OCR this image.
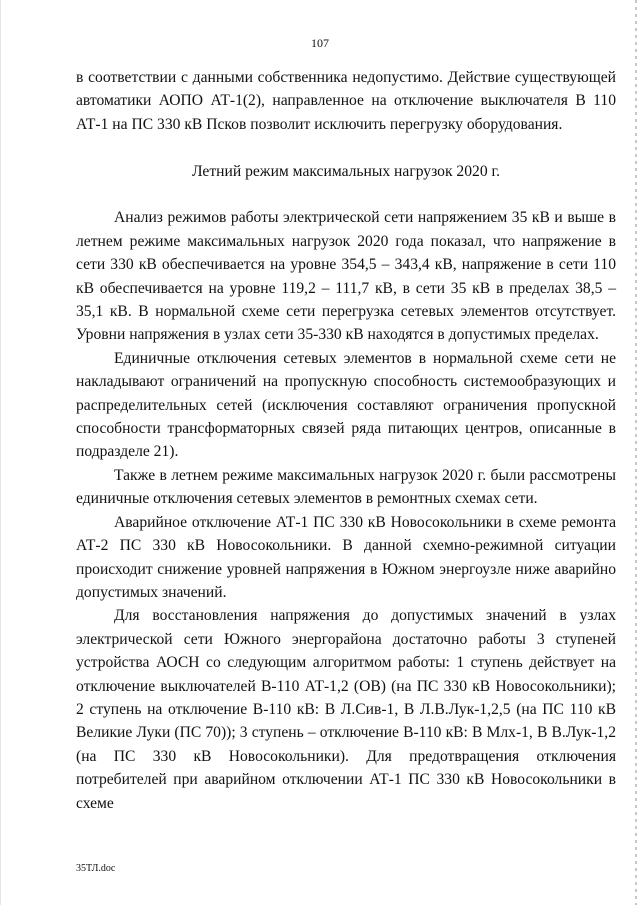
107

в соответствии с данными собственника недопустимо. Действие существующей автоматики АОПО АТ-1(2), направленное на отключение выключателя В 110 АТ-1 на ПС 330 кВ Псков позволит исключить перегрузку оборудования.

Летний режим максимальных нагрузок 2020 г.

Анализ режимов работы электрической сети напряжением 35 кВ и выше в летнем режиме максимальных нагрузок 2020 года показал, что напряжение в сети 330 кВ обеспечивается на уровне 354,5 – 343,4 кВ, напряжение в сети 110 кВ обеспечивается на уровне 119,2 – 111,7 кВ, в сети 35 кВ в пределах 38,5 – 35,1 кВ. В нормальной схеме сети перегрузка сетевых элементов отсутствует. Уровни напряжения в узлах сети 35-330 кВ находятся в допустимых пределах.

Единичные отключения сетевых элементов в нормальной схеме сети не накладывают ограничений на пропускную способность системообразующих и распределительных сетей (исключения составляют ограничения пропускной способности трансформаторных связей ряда питающих центров, описанные в подразделе 21).

Также в летнем режиме максимальных нагрузок 2020 г. были рассмотрены единичные отключения сетевых элементов в ремонтных схемах сети.

Аварийное отключение АТ-1 ПС 330 кВ Новосокольники в схеме ремонта АТ-2 ПС 330 кВ Новосокольники. В данной схемно-режимной ситуации происходит снижение уровней напряжения в Южном энергоузле ниже аварийно допустимых значений.

Для восстановления напряжения до допустимых значений в узлах электрической сети Южного энергорайона достаточно работы 3 ступеней устройства АОСН со следующим алгоритмом работы: 1 ступень действует на отключение выключателей В-110 АТ-1,2 (ОВ) (на ПС 330 кВ Новосокольники); 2 ступень на отключение В-110 кВ: В Л.Сив-1, В Л.В.Лук-1,2,5 (на ПС 110 кВ Великие Луки (ПС 70)); 3 ступень – отключение В-110 кВ: В Млх-1, В В.Лук-1,2 (на ПС 330 кВ Новосокольники). Для предотвращения отключения потребителей при аварийном отключении АТ-1 ПС 330 кВ Новосокольники в схеме

35ТЛ.doc
